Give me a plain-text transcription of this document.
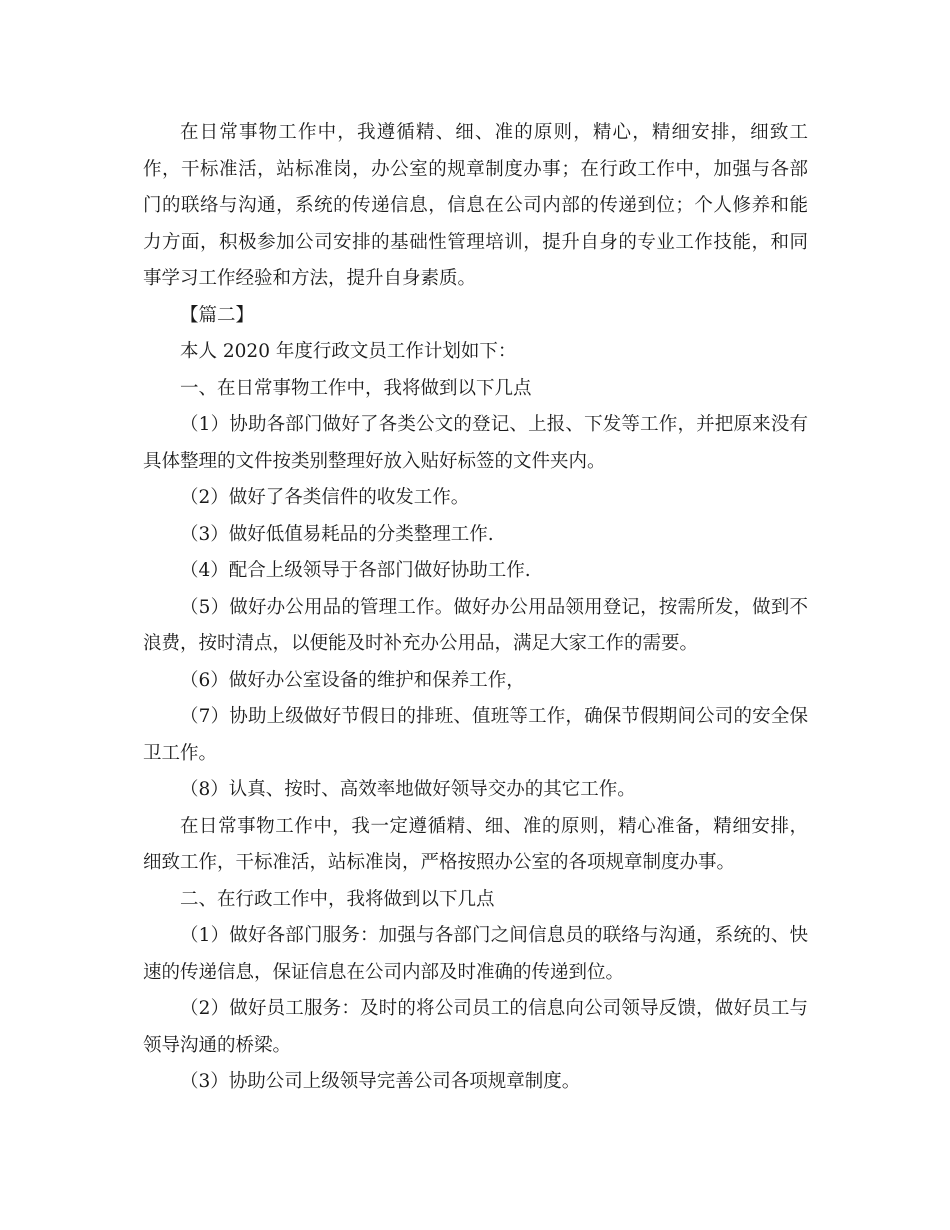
在日常事物工作中，我遵循精、细、准的原则，精心，精细安排，细致工作，干标准活，站标准岗，办公室的规章制度办事；在行政工作中，加强与各部门的联络与沟通，系统的传递信息，信息在公司内部的传递到位；个人修养和能力方面，积极参加公司安排的基础性管理培训，提升自身的专业工作技能，和同事学习工作经验和方法，提升自身素质。

【篇二】

本人 2020 年度行政文员工作计划如下：

一、在日常事物工作中，我将做到以下几点

（1）协助各部门做好了各类公文的登记、上报、下发等工作，并把原来没有具体整理的文件按类别整理好放入贴好标签的文件夹内。

（2）做好了各类信件的收发工作。

（3）做好低值易耗品的分类整理工作.

（4）配合上级领导于各部门做好协助工作.

（5）做好办公用品的管理工作。做好办公用品领用登记，按需所发，做到不浪费，按时清点，以便能及时补充办公用品，满足大家工作的需要。

（6）做好办公室设备的维护和保养工作，

（7）协助上级做好节假日的排班、值班等工作，确保节假期间公司的安全保卫工作。

（8）认真、按时、高效率地做好领导交办的其它工作。

在日常事物工作中，我一定遵循精、细、准的原则，精心准备，精细安排，细致工作，干标准活，站标准岗，严格按照办公室的各项规章制度办事。

二、在行政工作中，我将做到以下几点

（1）做好各部门服务：加强与各部门之间信息员的联络与沟通，系统的、快速的传递信息，保证信息在公司内部及时准确的传递到位。

（2）做好员工服务：及时的将公司员工的信息向公司领导反馈，做好员工与领导沟通的桥梁。

（3）协助公司上级领导完善公司各项规章制度。
